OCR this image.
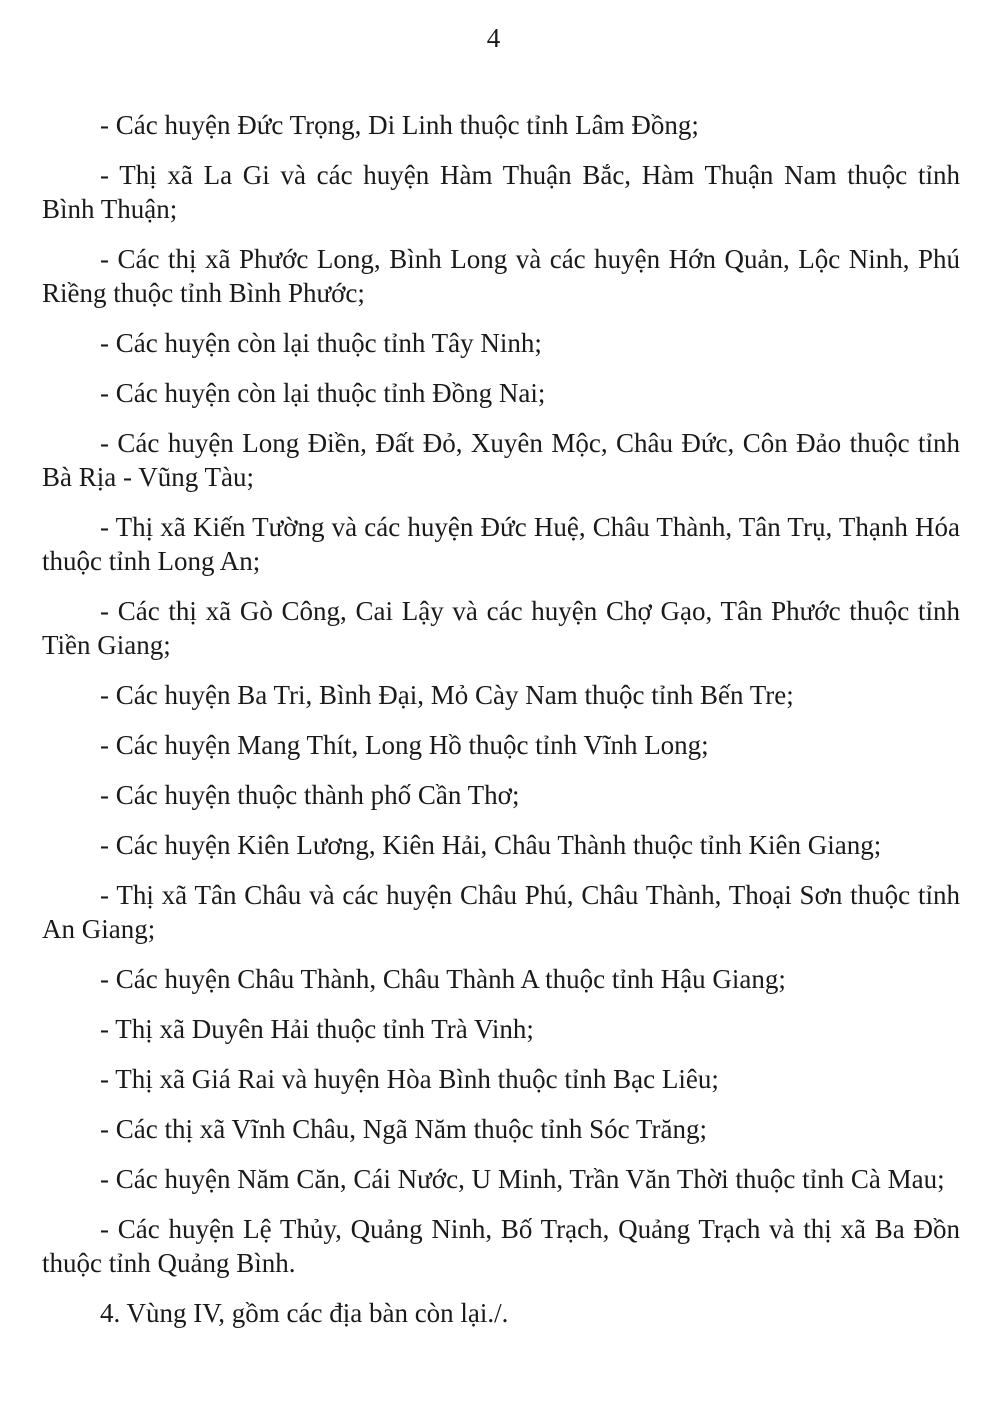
4

- Các huyện Đức Trọng, Di Linh thuộc tỉnh Lâm Đồng;

- Thị xã La Gi và các huyện Hàm Thuận Bắc, Hàm Thuận Nam thuộc tỉnh Bình Thuận;

- Các thị xã Phước Long, Bình Long và các huyện Hớn Quản, Lộc Ninh, Phú Riềng thuộc tỉnh Bình Phước;

- Các huyện còn lại thuộc tỉnh Tây Ninh;

- Các huyện còn lại thuộc tỉnh Đồng Nai;

- Các huyện Long Điền, Đất Đỏ, Xuyên Mộc, Châu Đức, Côn Đảo thuộc tỉnh Bà Rịa - Vũng Tàu;

- Thị xã Kiến Tường và các huyện Đức Huệ, Châu Thành, Tân Trụ, Thạnh Hóa thuộc tỉnh Long An;

- Các thị xã Gò Công, Cai Lậy và các huyện Chợ Gạo, Tân Phước thuộc tỉnh Tiền Giang;

- Các huyện Ba Tri, Bình Đại, Mỏ Cày Nam thuộc tỉnh Bến Tre;

- Các huyện Mang Thít, Long Hồ thuộc tỉnh Vĩnh Long;

- Các huyện thuộc thành phố Cần Thơ;

- Các huyện Kiên Lương, Kiên Hải, Châu Thành thuộc tỉnh Kiên Giang;

- Thị xã Tân Châu và các huyện Châu Phú, Châu Thành, Thoại Sơn thuộc tỉnh An Giang;

- Các huyện Châu Thành, Châu Thành A thuộc tỉnh Hậu Giang;

- Thị xã Duyên Hải thuộc tỉnh Trà Vinh;

- Thị xã Giá Rai và huyện Hòa Bình thuộc tỉnh Bạc Liêu;

- Các thị xã Vĩnh Châu, Ngã Năm thuộc tỉnh Sóc Trăng;

- Các huyện Năm Căn, Cái Nước, U Minh, Trần Văn Thời thuộc tỉnh Cà Mau;

- Các huyện Lệ Thủy, Quảng Ninh, Bố Trạch, Quảng Trạch và thị xã Ba Đồn thuộc tỉnh Quảng Bình.

4. Vùng IV, gồm các địa bàn còn lại./.
